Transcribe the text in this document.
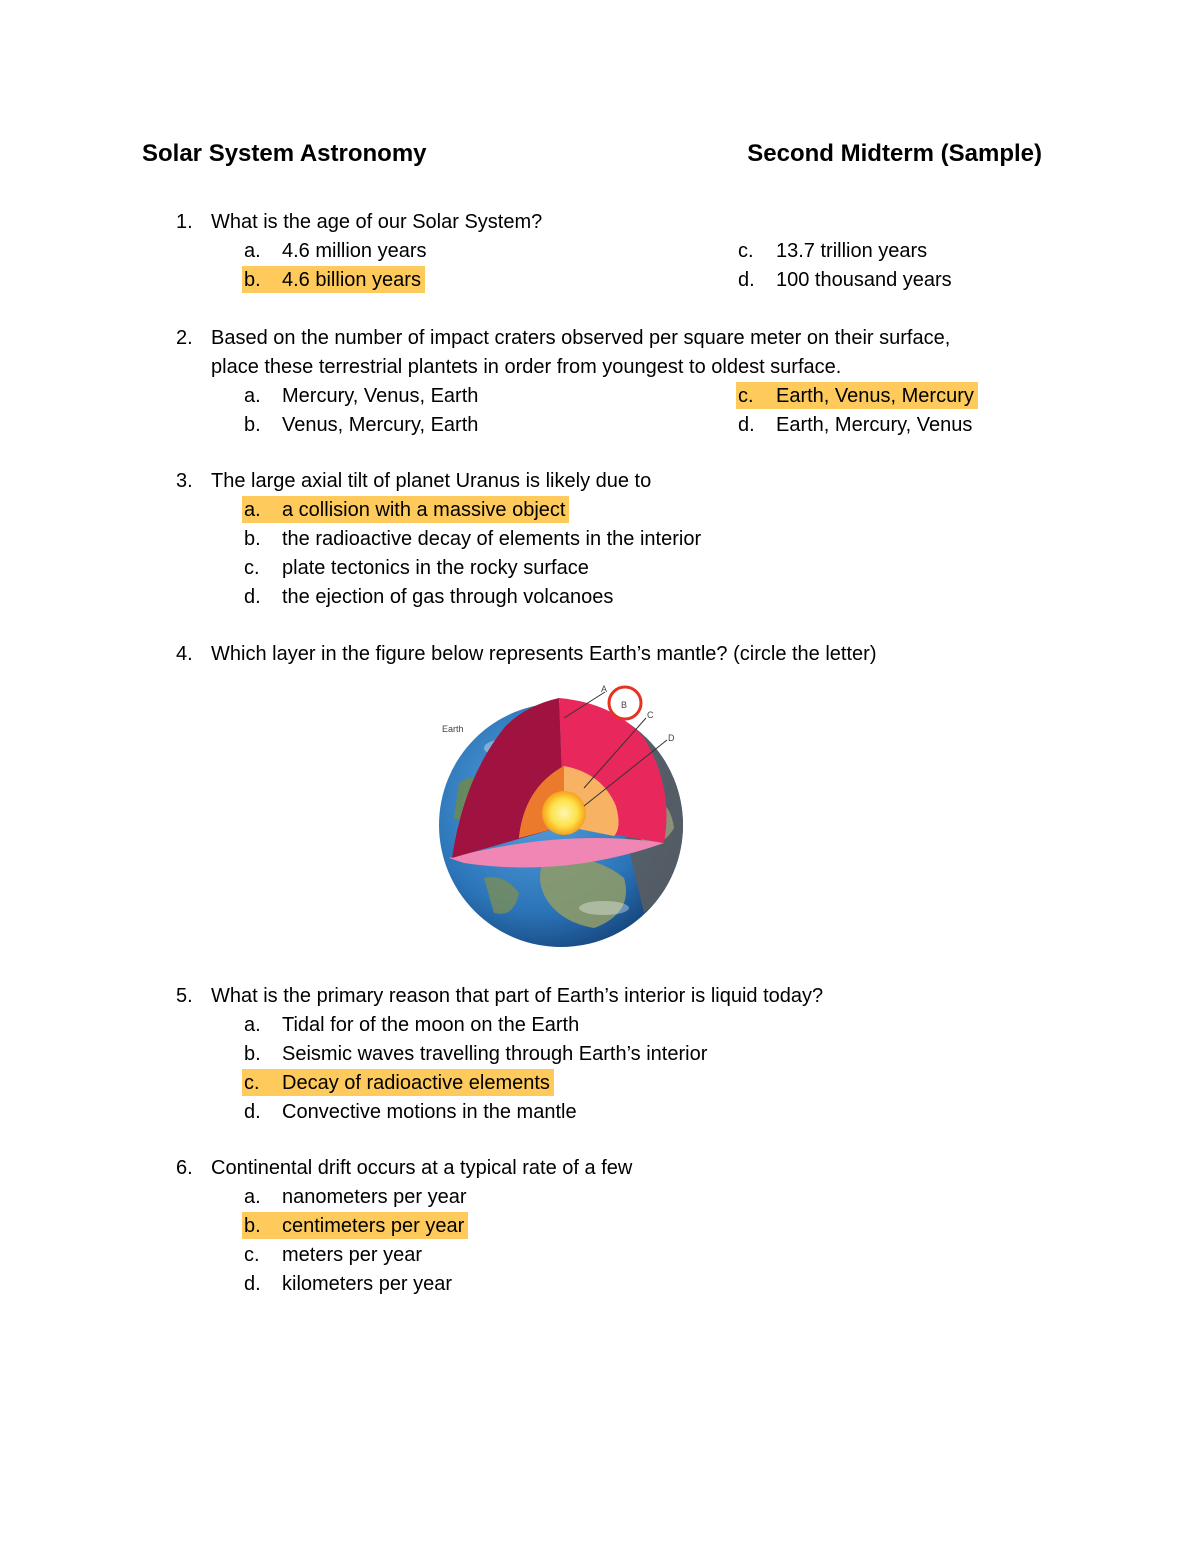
Solar System Astronomy	Second Midterm (Sample)
1. What is the age of our Solar System?
a. 4.6 million years	c. 13.7 trillion years
b. 4.6 billion years	d. 100 thousand years
2. Based on the number of impact craters observed per square meter on their surface,
place these terrestrial plantets in order from youngest to oldest surface.
a. Mercury, Venus, Earth	c. Earth, Venus, Mercury
b. Venus, Mercury, Earth	d. Earth, Mercury, Venus
3. The large axial tilt of planet Uranus is likely due to
a. a collision with a massive object
b. the radioactive decay of elements in the interior
c. plate tectonics in the rocky surface
d. the ejection of gas through volcanoes
4. Which layer in the figure below represents Earth’s mantle? (circle the letter)
Earth
A
B
C
D
5. What is the primary reason that part of Earth’s interior is liquid today?
a. Tidal for of the moon on the Earth
b. Seismic waves travelling through Earth’s interior
c. Decay of radioactive elements
d. Convective motions in the mantle
6. Continental drift occurs at a typical rate of a few
a. nanometers per year
b. centimeters per year
c. meters per year
d. kilometers per year
